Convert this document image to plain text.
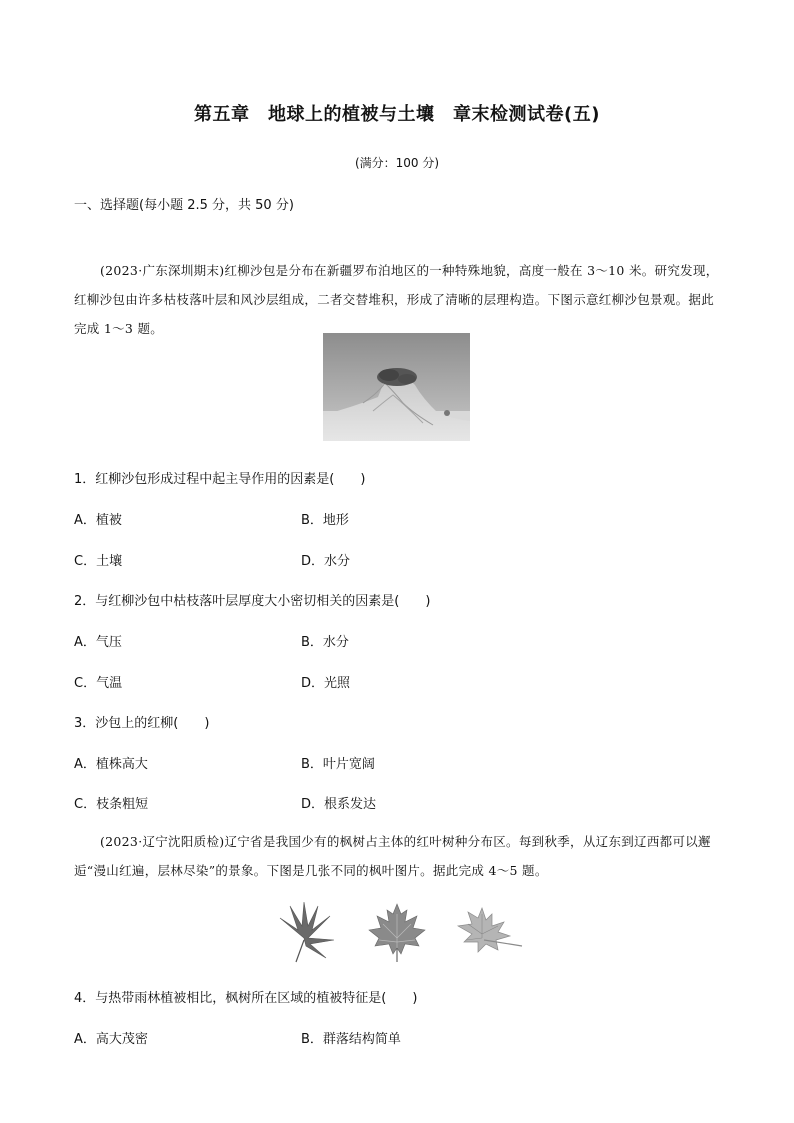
第五章　地球上的植被与土壤　章末检测试卷(五)
(满分：100 分)
一、选择题(每小题 2.5 分，共 50 分)
(2023·广东深圳期末)红柳沙包是分布在新疆罗布泊地区的一种特殊地貌，高度一般在 3～10 米。研究发现，红柳沙包由许多枯枝落叶层和风沙层组成，二者交替堆积，形成了清晰的层理构造。下图示意红柳沙包景观。据此完成 1～3 题。
1．红柳沙包形成过程中起主导作用的因素是(　　)
A．植被	B．地形
C．土壤	D．水分
2．与红柳沙包中枯枝落叶层厚度大小密切相关的因素是(　　)
A．气压	B．水分
C．气温	D．光照
3．沙包上的红柳(　　)
A．植株高大	B．叶片宽阔
C．枝条粗短	D．根系发达
(2023·辽宁沈阳质检)辽宁省是我国少有的枫树占主体的红叶树种分布区。每到秋季，从辽东到辽西都可以邂逅“漫山红遍，层林尽染”的景象。下图是几张不同的枫叶图片。据此完成 4～5 题。
4．与热带雨林植被相比，枫树所在区域的植被特征是(　　)
A．高大茂密	B．群落结构简单
